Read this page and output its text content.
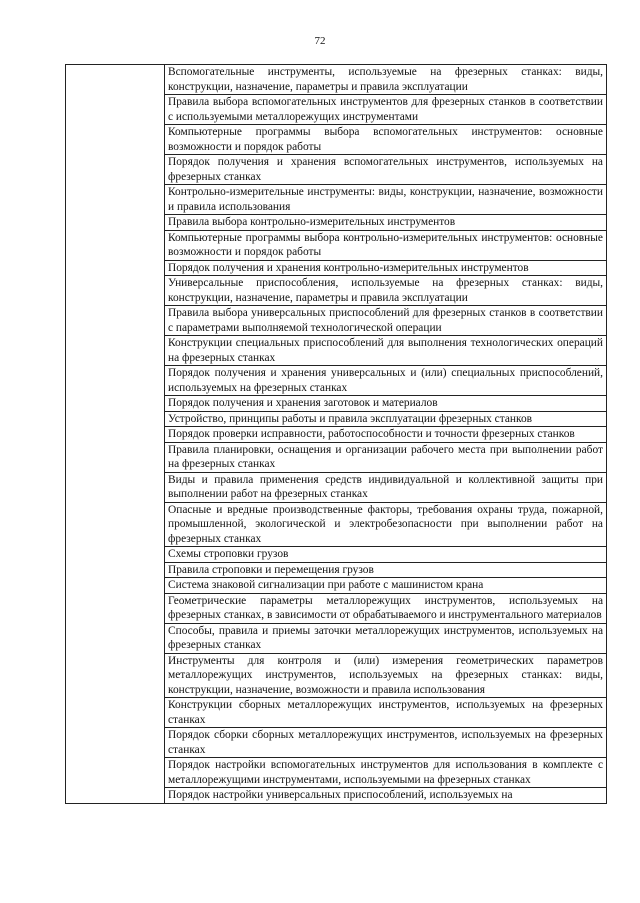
72
	Вспомогательные инструменты, используемые на фрезерных станках: виды, конструкции, назначение, параметры и правила эксплуатации
Правила выбора вспомогательных инструментов для фрезерных станков в соответствии с используемыми металлорежущих инструментами
Компьютерные программы выбора вспомогательных инструментов: основные возможности и порядок работы
Порядок получения и хранения вспомогательных инструментов, используемых на фрезерных станках
Контрольно-измерительные инструменты: виды, конструкции, назначение, возможности и правила использования
Правила выбора контрольно-измерительных инструментов
Компьютерные программы выбора контрольно-измерительных инструментов: основные возможности и порядок работы
Порядок получения и хранения контрольно-измерительных инструментов
Универсальные приспособления, используемые на фрезерных станках: виды, конструкции, назначение, параметры и правила эксплуатации
Правила выбора универсальных приспособлений для фрезерных станков в соответствии с параметрами выполняемой технологической операции
Конструкции специальных приспособлений для выполнения технологических операций на фрезерных станках
Порядок получения и хранения универсальных и (или) специальных приспособлений, используемых на фрезерных станках
Порядок получения и хранения заготовок и материалов
Устройство, принципы работы и правила эксплуатации фрезерных станков
Порядок проверки исправности, работоспособности и точности фрезерных станков
Правила планировки, оснащения и организации рабочего места при выполнении работ на фрезерных станках
Виды и правила применения средств индивидуальной и коллективной защиты при выполнении работ на фрезерных станках
Опасные и вредные производственные факторы, требования охраны труда, пожарной, промышленной, экологической и электробезопасности при выполнении работ на фрезерных станках
Схемы строповки грузов
Правила строповки и перемещения грузов
Система знаковой сигнализации при работе с машинистом крана
Геометрические параметры металлорежущих инструментов, используемых на фрезерных станках, в зависимости от обрабатываемого и инструментального материалов
Способы, правила и приемы заточки металлорежущих инструментов, используемых на фрезерных станках
Инструменты для контроля и (или) измерения геометрических параметров металлорежущих инструментов, используемых на фрезерных станках: виды, конструкции, назначение, возможности и правила использования
Конструкции сборных металлорежущих инструментов, используемых на фрезерных станках
Порядок сборки сборных металлорежущих инструментов, используемых на фрезерных станках
Порядок настройки вспомогательных инструментов для использования в комплекте с металлорежущими инструментами, используемыми на фрезерных станках
Порядок настройки универсальных приспособлений, используемых на
